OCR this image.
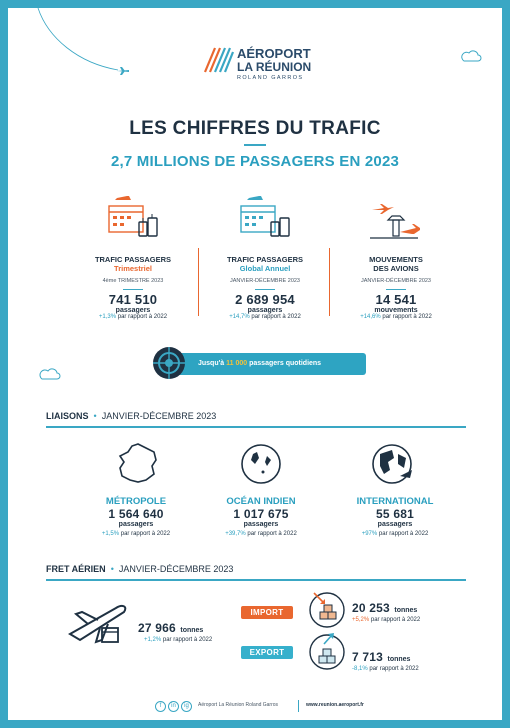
AÉROPORT
LA RÉUNION
ROLAND GARROS
LES CHIFFRES DU TRAFIC
2,7 MILLIONS DE PASSAGERS EN 2023
TRAFIC PASSAGERS
Trimestriel
4ème TRIMESTRE 2023
741 510
passagers
+1,3% par rapport à 2022
TRAFIC PASSAGERS
Global Annuel
JANVIER-DÉCEMBRE 2023
2 689 954
passagers
+14,7% par rapport à 2022
MOUVEMENTS
DES AVIONS
JANVIER-DÉCEMBRE 2023
14 541
mouvements
+14,6% par rapport à 2022
Jusqu'à 11 000 passagers quotidiens
LIAISONS  •  JANVIER-DÉCEMBRE 2023
MÉTROPOLE
1 564 640
passagers
+1,5% par rapport à 2022
OCÉAN INDIEN
1 017 675
passagers
+39,7% par rapport à 2022
INTERNATIONAL
55 681
passagers
+97% par rapport à 2022
FRET AÉRIEN  •  JANVIER-DÉCEMBRE 2023
27 966 tonnes
+1,2% par rapport à 2022
IMPORT	20 253 tonnes
+5,2% par rapport à 2022
EXPORT	7 713 tonnes
-8,1% par rapport à 2022
f	in	ig	Aéroport La Réunion Roland Garros	www.reunion.aeroport.fr
